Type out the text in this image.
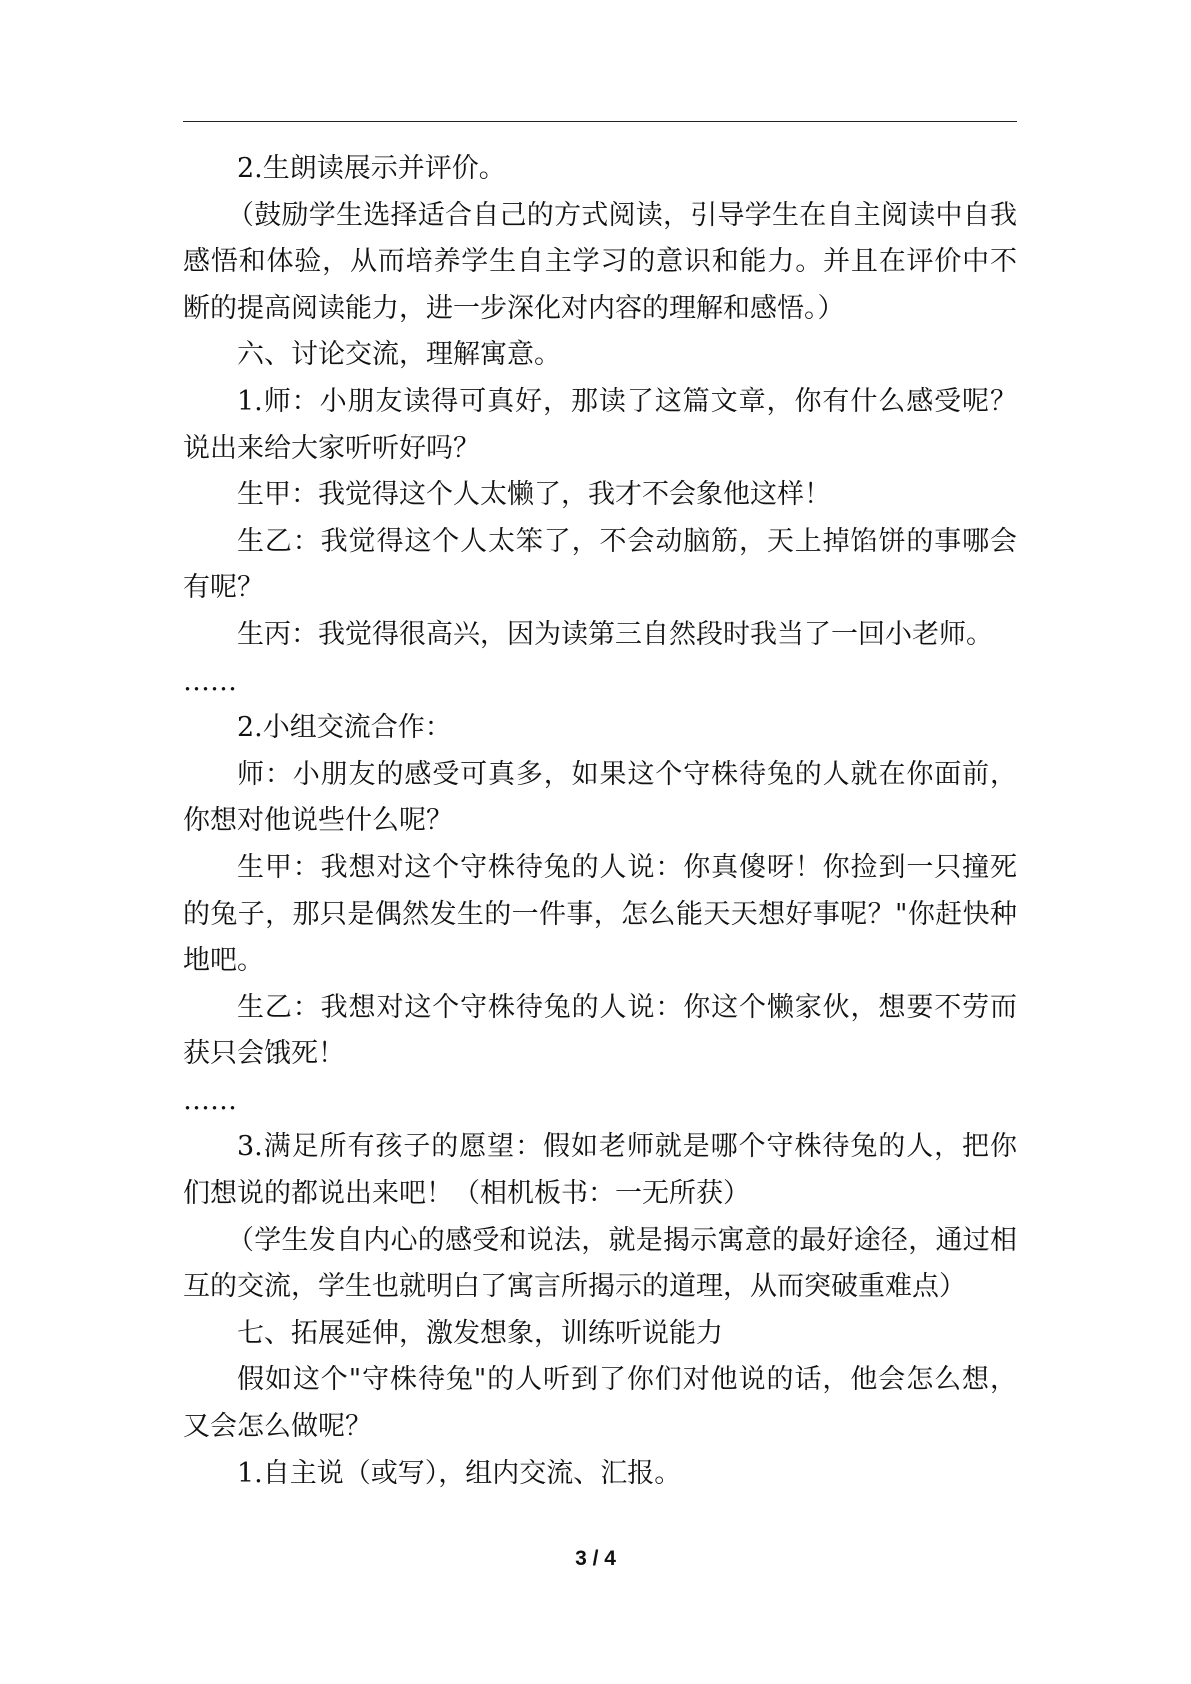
2.生朗读展示并评价。

（鼓励学生选择适合自己的方式阅读，引导学生在自主阅读中自我感悟和体验，从而培养学生自主学习的意识和能力。并且在评价中不断的提高阅读能力，进一步深化对内容的理解和感悟。）

六、讨论交流，理解寓意。

1.师：小朋友读得可真好，那读了这篇文章，你有什么感受呢？说出来给大家听听好吗？

生甲：我觉得这个人太懒了，我才不会象他这样！

生乙：我觉得这个人太笨了，不会动脑筋，天上掉馅饼的事哪会有呢？

生丙：我觉得很高兴，因为读第三自然段时我当了一回小老师。

……

2.小组交流合作：

师：小朋友的感受可真多，如果这个守株待兔的人就在你面前，你想对他说些什么呢？

生甲：我想对这个守株待兔的人说：你真傻呀！你捡到一只撞死的兔子，那只是偶然发生的一件事，怎么能天天想好事呢？"你赶快种地吧。

生乙：我想对这个守株待兔的人说：你这个懒家伙，想要不劳而获只会饿死！

……

3.满足所有孩子的愿望：假如老师就是哪个守株待兔的人，把你们想说的都说出来吧！（相机板书：一无所获）

（学生发自内心的感受和说法，就是揭示寓意的最好途径，通过相互的交流，学生也就明白了寓言所揭示的道理，从而突破重难点）

七、拓展延伸，激发想象，训练听说能力

假如这个"守株待兔"的人听到了你们对他说的话，他会怎么想，又会怎么做呢？

1.自主说（或写），组内交流、汇报。

3 / 4
